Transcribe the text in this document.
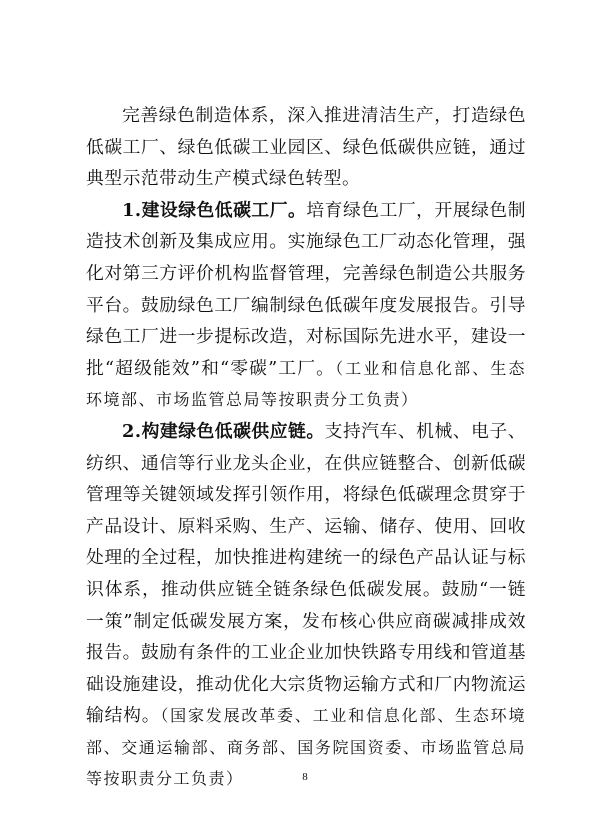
完善绿色制造体系，深入推进清洁生产，打造绿色低碳工厂、绿色低碳工业园区、绿色低碳供应链，通过典型示范带动生产模式绿色转型。

1.建设绿色低碳工厂。培育绿色工厂，开展绿色制造技术创新及集成应用。实施绿色工厂动态化管理，强化对第三方评价机构监督管理，完善绿色制造公共服务平台。鼓励绿色工厂编制绿色低碳年度发展报告。引导绿色工厂进一步提标改造，对标国际先进水平，建设一批“超级能效”和“零碳”工厂。（工业和信息化部、生态环境部、市场监管总局等按职责分工负责）

2.构建绿色低碳供应链。支持汽车、机械、电子、纺织、通信等行业龙头企业，在供应链整合、创新低碳管理等关键领域发挥引领作用，将绿色低碳理念贯穿于产品设计、原料采购、生产、运输、储存、使用、回收处理的全过程，加快推进构建统一的绿色产品认证与标识体系，推动供应链全链条绿色低碳发展。鼓励“一链一策”制定低碳发展方案，发布核心供应商碳减排成效报告。鼓励有条件的工业企业加快铁路专用线和管道基础设施建设，推动优化大宗货物运输方式和厂内物流运输结构。（国家发展改革委、工业和信息化部、生态环境部、交通运输部、商务部、国务院国资委、市场监管总局等按职责分工负责）	8
